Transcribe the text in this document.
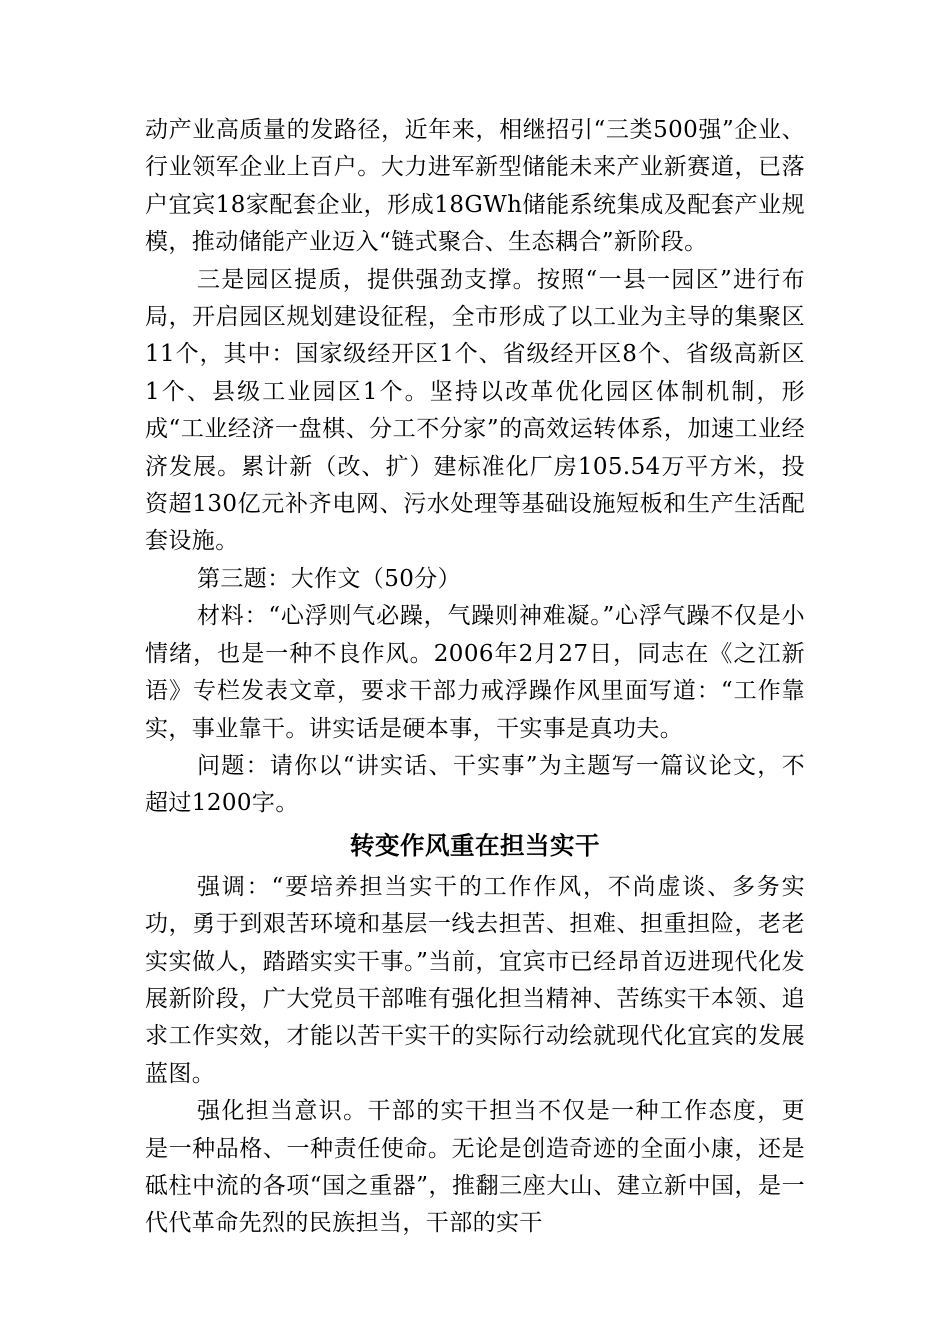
动产业高质量的发路径，近年来，相继招引“三类500强”企业、行业领军企业上百户。大力进军新型储能未来产业新赛道，已落户宜宾18家配套企业，形成18GWh储能系统集成及配套产业规模，推动储能产业迈入“链式聚合、生态耦合”新阶段。

三是园区提质，提供强劲支撑。按照“一县一园区”进行布局，开启园区规划建设征程，全市形成了以工业为主导的集聚区11个，其中：国家级经开区1个、省级经开区8个、省级高新区1个、县级工业园区1个。坚持以改革优化园区体制机制，形成“工业经济一盘棋、分工不分家”的高效运转体系，加速工业经济发展。累计新（改、扩）建标准化厂房105.54万平方米，投资超130亿元补齐电网、污水处理等基础设施短板和生产生活配套设施。

第三题：大作文（50分）

材料：“心浮则气必躁，气躁则神难凝。”心浮气躁不仅是小情绪，也是一种不良作风。2006年2月27日，同志在《之江新语》专栏发表文章，要求干部力戒浮躁作风里面写道：“工作靠实，事业靠干。讲实话是硬本事，干实事是真功夫。

问题：请你以“讲实话、干实事”为主题写一篇议论文，不超过1200字。

转变作风重在担当实干

强调：“要培养担当实干的工作作风，不尚虚谈、多务实功，勇于到艰苦环境和基层一线去担苦、担难、担重担险，老老实实做人，踏踏实实干事。”当前，宜宾市已经昂首迈进现代化发展新阶段，广大党员干部唯有强化担当精神、苦练实干本领、追求工作实效，才能以苦干实干的实际行动绘就现代化宜宾的发展蓝图。

强化担当意识。干部的实干担当不仅是一种工作态度，更是一种品格、一种责任使命。无论是创造奇迹的全面小康，还是砥柱中流的各项“国之重器”，推翻三座大山、建立新中国，是一代代革命先烈的民族担当，干部的实干
